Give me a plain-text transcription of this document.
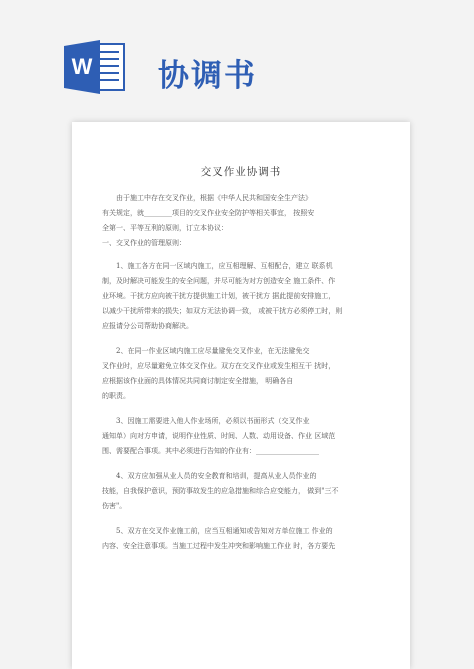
W 协调书
交叉作业协调书
由于施工中存在交叉作业，根据《中华人民共和国安全生产法》
有关规定，就________项目的交叉作业安全防护等相关事宜， 按照安
全第一、平等互利的原则，订立本协议：
一、交叉作业的管理原则：
1、施工各方在同一区域内施工，应互相理解、互相配合，建立 联系机
制，及时解决可能发生的安全问题，并尽可能为对方创造安全 施工条件、作
业环境。干扰方应向被干扰方提供施工计划，被干扰方 据此提前安排施工，
以减少干扰所带来的损失；如双方无法协调一致， 或被干扰方必须停工时，则
应报请分公司帮助协商解决。
2、在同一作业区域内施工应尽量避免交叉作业，在无法避免交
叉作业时，应尽量避免立体交叉作业。双方在交叉作业或发生相互干 扰时，
应根据该作业面的具体情况共同商讨制定安全措施， 明确各自
的职责。
3、因施工需要进入他人作业场所，必须以书面形式（交叉作业
通知单）向对方申请，说明作业性质、时间、人数、动用设备、作业 区域范
围、需要配合事项。其中必须进行告知的作业有：__________________
4、双方应加强从业人员的安全教育和培训，提高从业人员作业的
技能，自我保护意识，预防事故发生的应急措施和综合应变能力， 做到"三不
伤害"。
5、双方在交叉作业施工前，应当互相通知或告知对方单位施工 作业的
内容、安全注意事项。当施工过程中发生冲突和影响施工作业 时，各方要先
